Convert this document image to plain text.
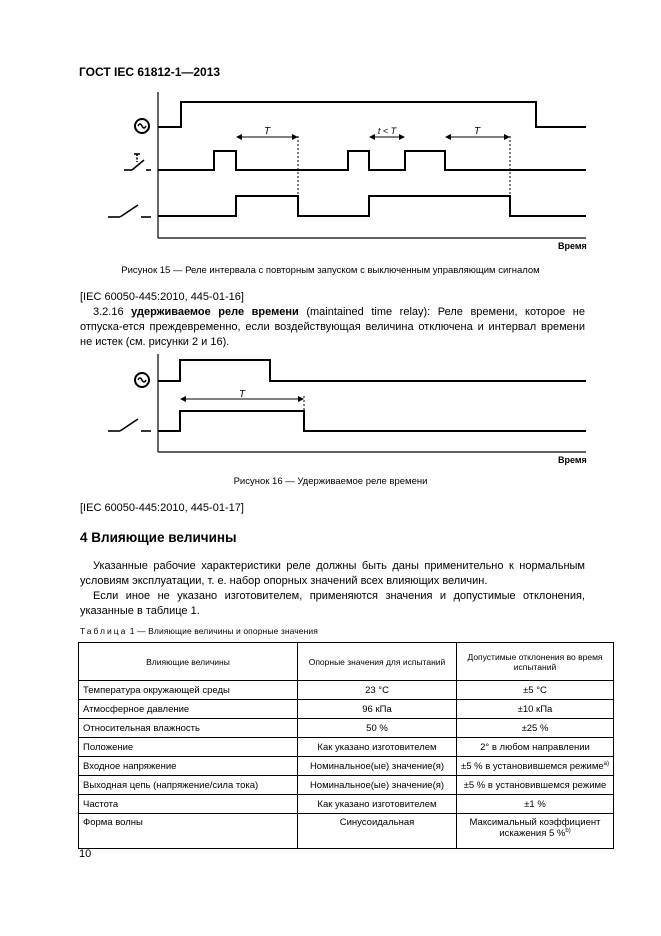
ГОСТ IEC 61812-1—2013
T	t < T	T
Время
Рисунок 15 — Реле интервала с повторным запуском с выключенным управляющим сигналом
[IEC 60050-445:2010, 445-01-16]
3.2.16 удерживаемое реле времени (maintained time relay): Реле времени, которое не отпуска-ется преждевременно, если воздействующая величина отключена и интервал времени не истек (см. рисунки 2 и 16).
T
Время
Рисунок 16 — Удерживаемое реле времени
[IEC 60050-445:2010, 445-01-17]
4 Влияющие величины

Указанные рабочие характеристики реле должны быть даны применительно к нормальным условиям эксплуатации, т. е. набор опорных значений всех влияющих величин.

Если иное не указано изготовителем, применяются значения и допустимые отклонения, указанные в таблице 1.

Таблица 1 — Влияющие величины и опорные значения
Влияющие величины	Опорные значения для испытаний	Допустимые отклонения во время испытаний
Температура окружающей среды	23 °С	±5 °С
Атмосферное давление	96 кПа	±10 кПа
Относительная влажность	50 %	±25 %
Положение	Как указано изготовителем	2° в любом направлении
Входное напряжение	Номинальное(ые) значение(я)	±5 % в установившемся режиме$^{а)}$
Выходная цепь (напряжение/сила тока)	Номинальное(ые) значение(я)	±5 % в установившемся режиме
Частота	Как указано изготовителем	±1 %
Форма волны	Синусоидальная	Максимальный коэффициент искажения 5 %$^{b)}$
10
